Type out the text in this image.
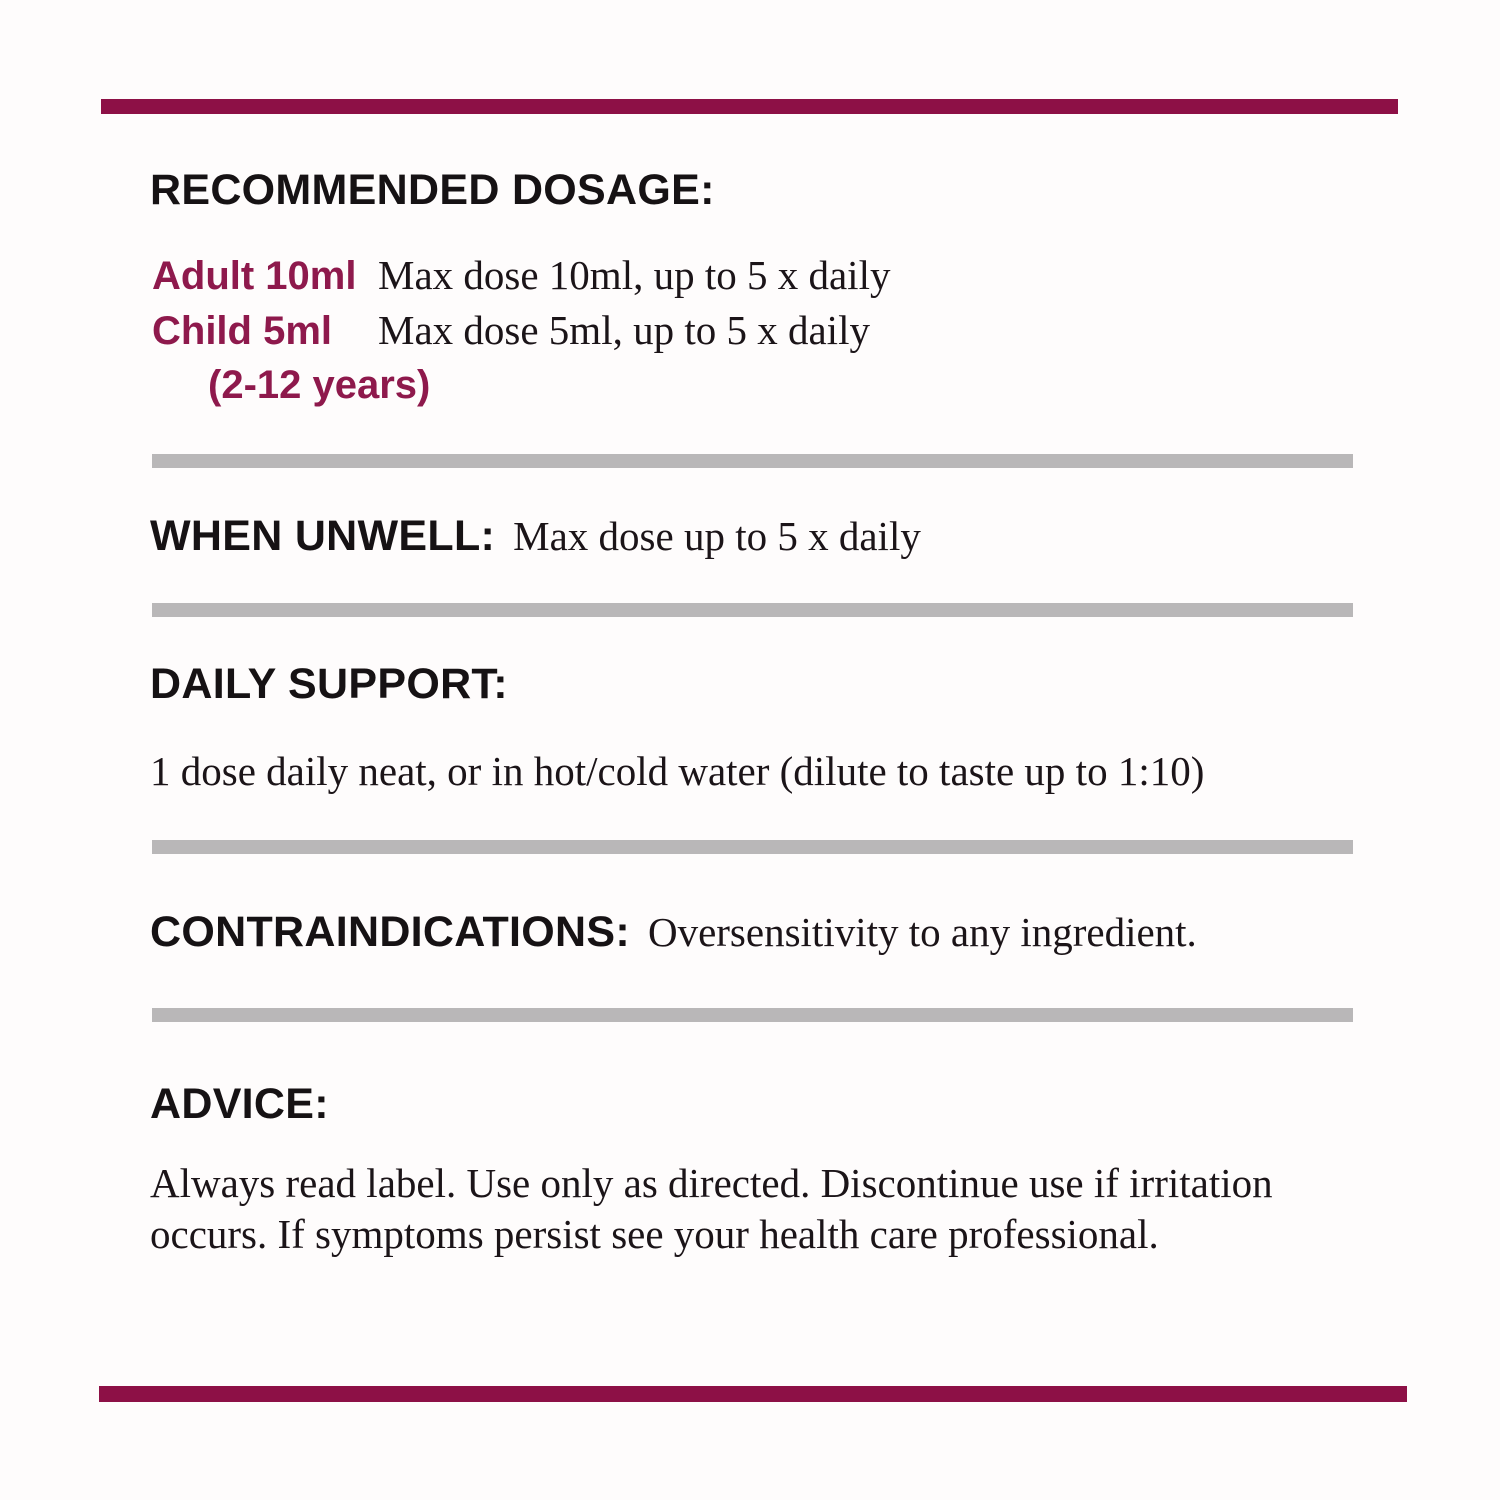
RECOMMENDED DOSAGE:
Adult 10ml Max dose 10ml, up to 5 x daily
Child 5ml	Max dose 5ml, up to 5 x daily
(2-12 years)
WHEN UNWELL: Max dose up to 5 x daily
DAILY SUPPORT:

1 dose daily neat, or in hot/cold water (dilute to taste up to 1:10)

CONTRAINDICATIONS: Oversensitivity to any ingredient.
ADVICE:

Always read label. Use only as directed. Discontinue use if irritation
occurs. If symptoms persist see your health care professional.
